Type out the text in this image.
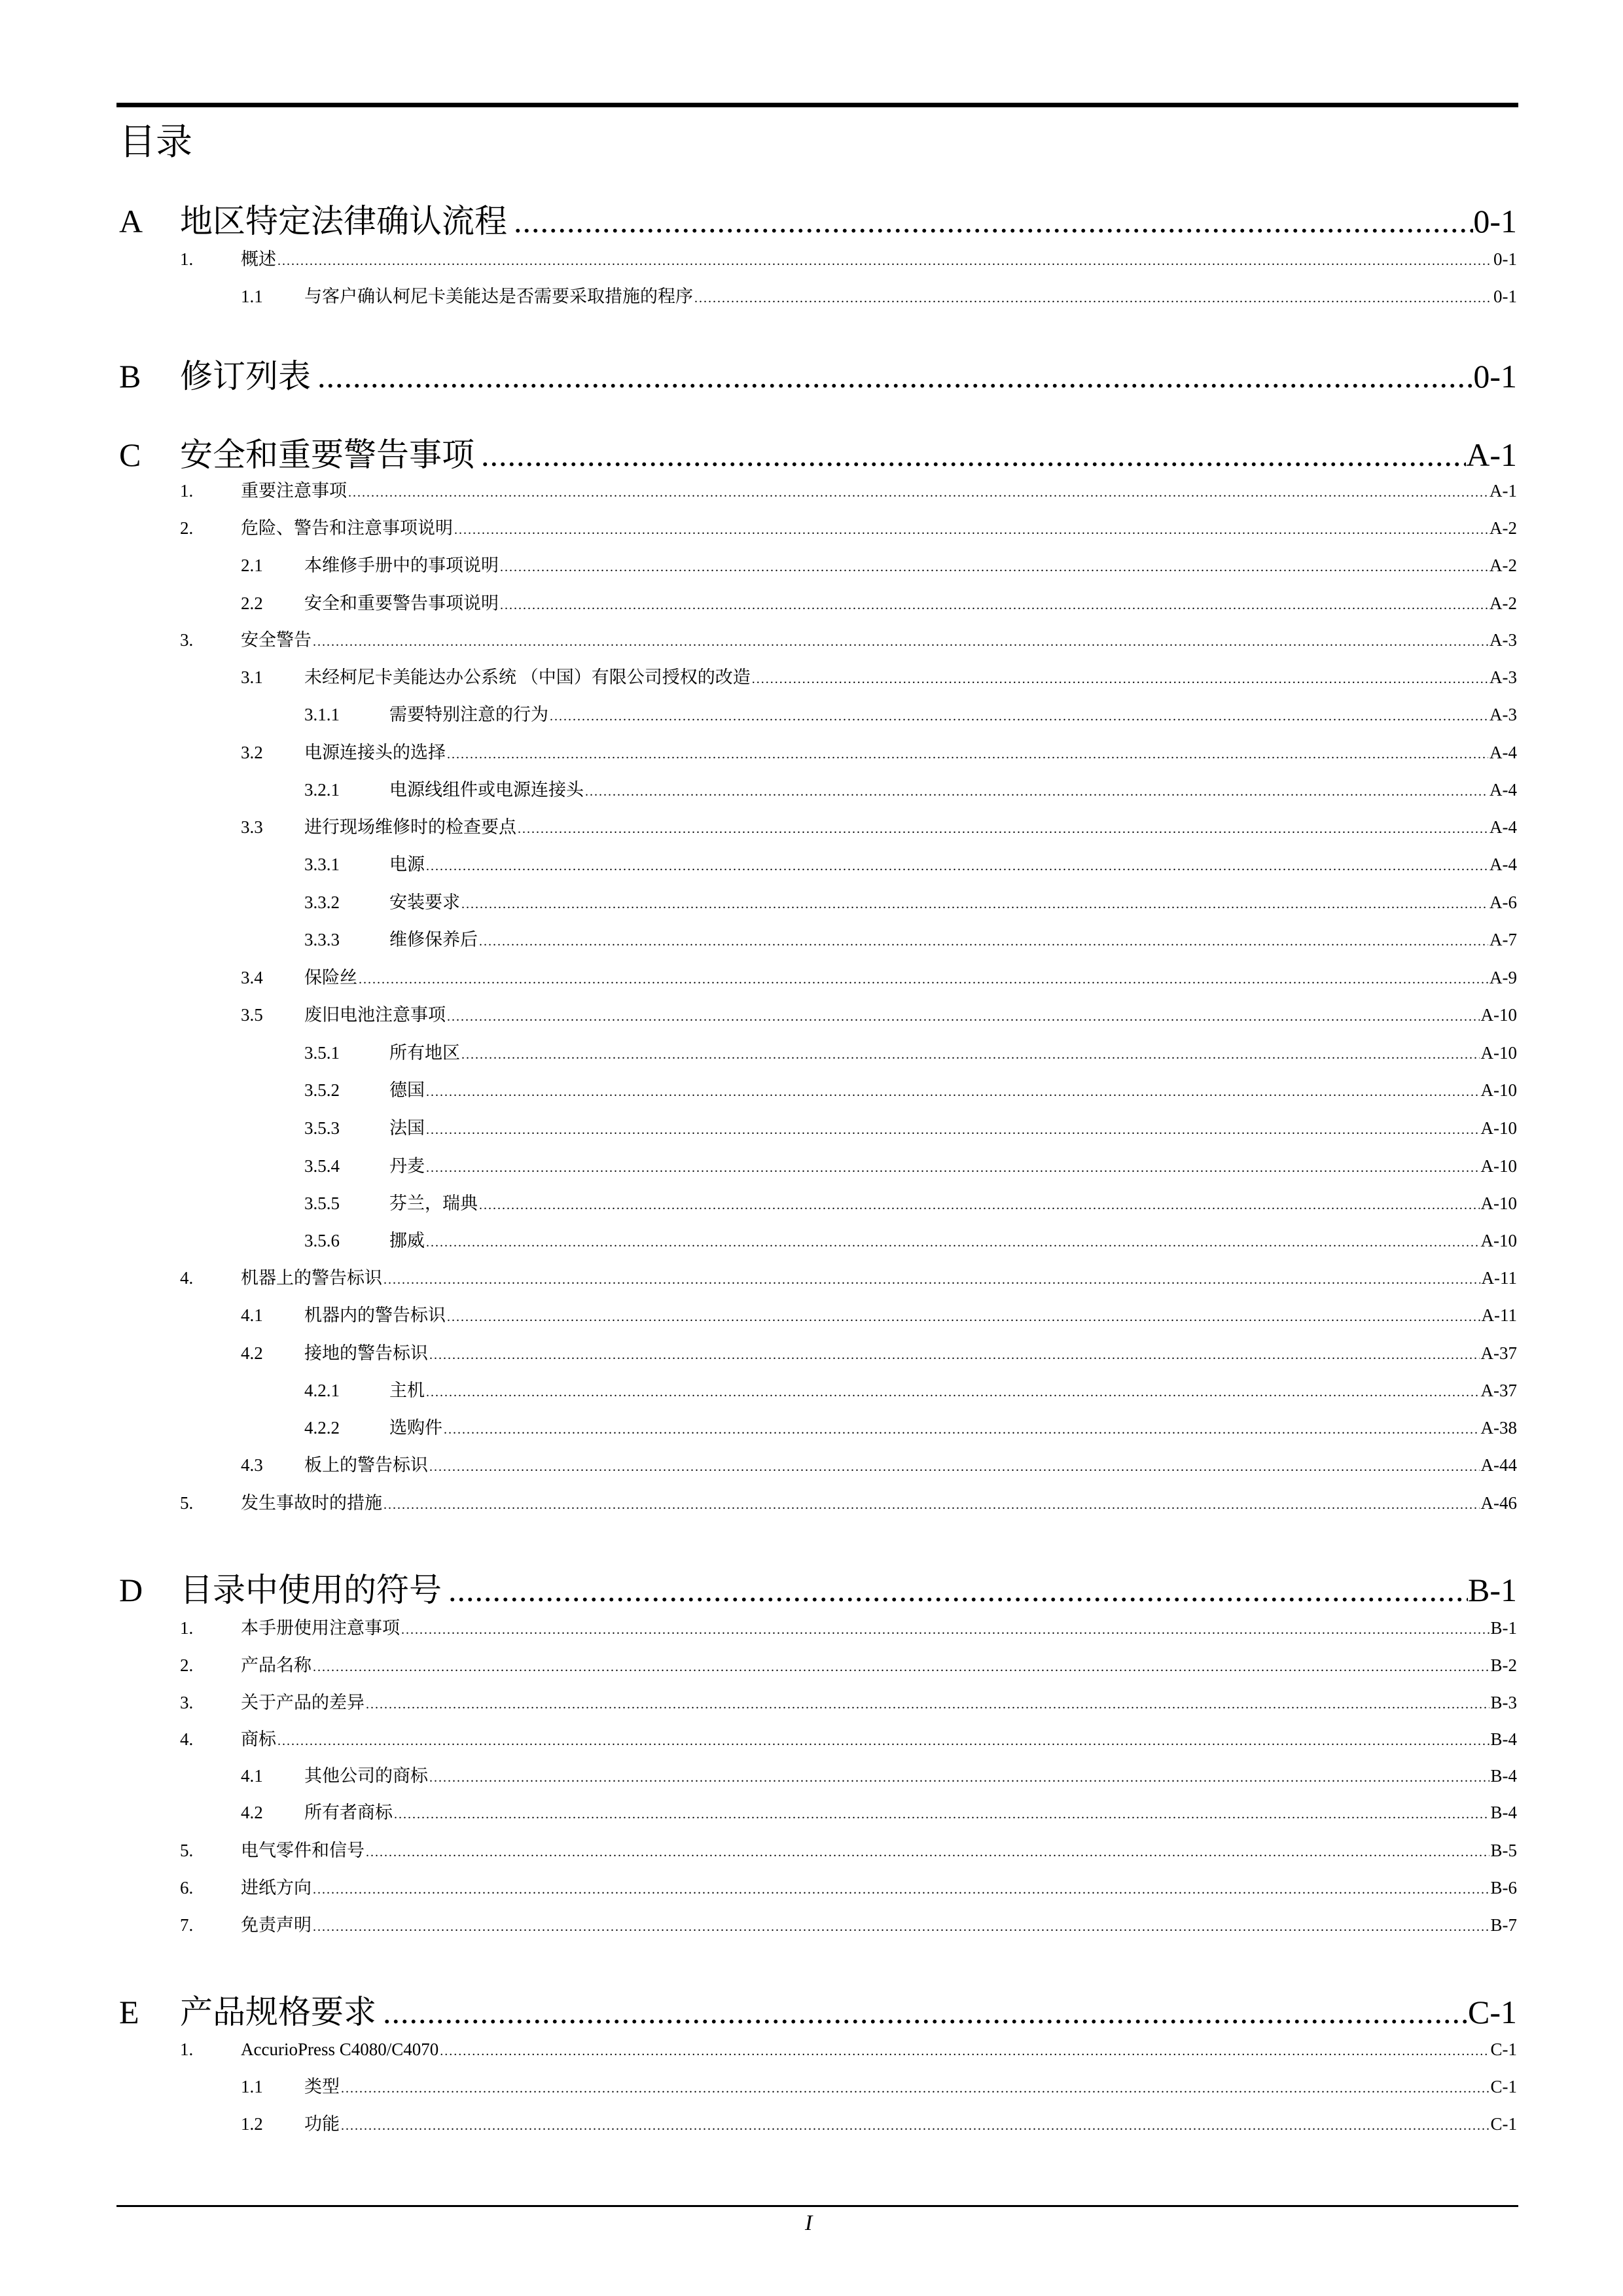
目录
A 地区特定法律确认流程 .....	0-1
1.	概述 .....	0-1
1.1 与客户确认柯尼卡美能达是否需要采取措施的程序 .....	0-1
B 修订列表 .....	0-1
C 安全和重要警告事项 .....	A-1
1.	重要注意事项 .....	A-1
2.	危险、警告和注意事项说明 .....	A-2
2.1 本维修手册中的事项说明 .....	A-2
2.2 安全和重要警告事项说明 .....	A-2
3.	安全警告 .....	A-3
3.1 未经柯尼卡美能达办公系统 （中国）有限公司授权的改造 .....	A-3
3.1.1	需要特别注意的行为 .....	A-3
3.2 电源连接头的选择 .....	A-4
3.2.1	电源线组件或电源连接头 .....	A-4
3.3 进行现场维修时的检查要点 .....	A-4
3.3.1	电源 .....	A-4
3.3.2	安装要求 .....	A-6
3.3.3	维修保养后 .....	A-7
3.4 保险丝 .....	A-9
3.5 废旧电池注意事项 .....	A-10
3.5.1	所有地区 .....	A-10
3.5.2	德国 .....	A-10
3.5.3	法国 .....	A-10
3.5.4	丹麦 .....	A-10
3.5.5	芬兰，瑞典 .....	A-10
3.5.6	挪威 .....	A-10
4.	机器上的警告标识 .....	A-11
4.1 机器内的警告标识 .....	A-11
4.2 接地的警告标识 .....	A-37
4.2.1	主机 .....	A-37
4.2.2	选购件 .....	A-38
4.3 板上的警告标识 .....	A-44
5.	发生事故时的措施 .....	A-46
D 目录中使用的符号 .....	B-1
1.	本手册使用注意事项 .....	B-1
2.	产品名称 .....	B-2
3.	关于产品的差异 .....	B-3
4.	商标 .....	B-4
4.1 其他公司的商标 .....	B-4
4.2 所有者商标 .....	B-4
5.	电气零件和信号 .....	B-5
6.	进纸方向 .....	B-6
7.	免责声明 .....	B-7
E 产品规格要求 .....	C-1
1.	AccurioPress C4080/C4070 .....	C-1
1.1 类型 .....	C-1
1.2 功能 .....	C-1
I
